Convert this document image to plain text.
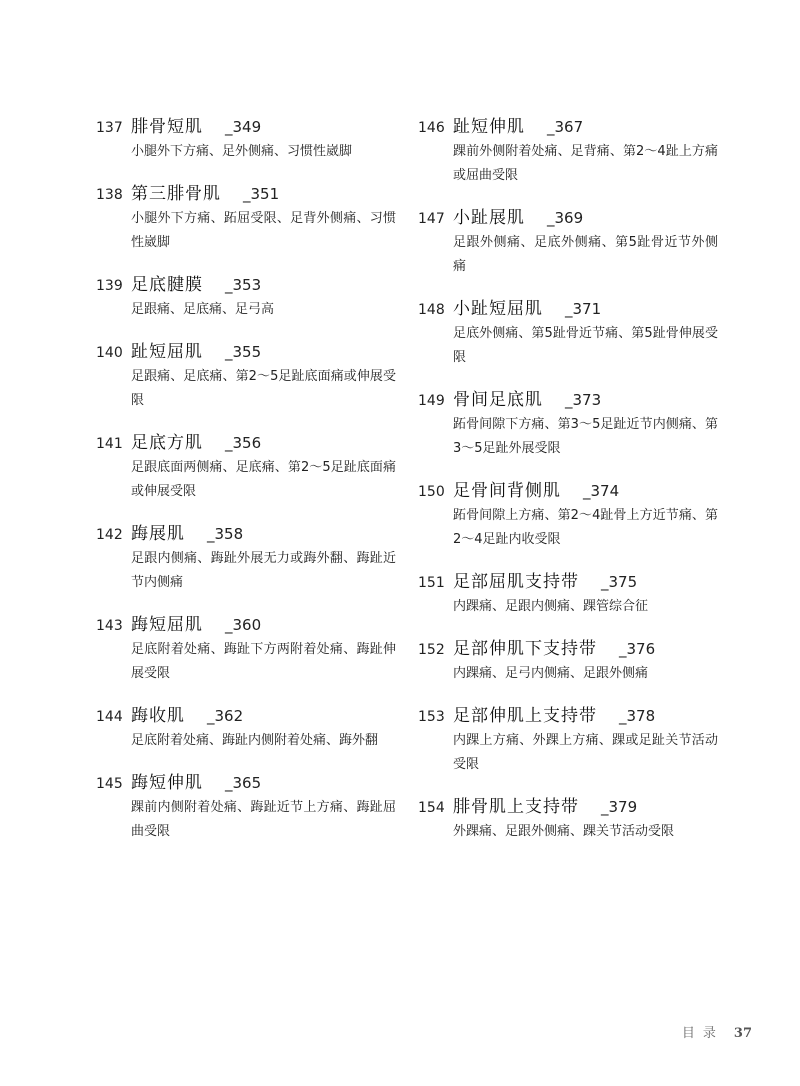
137 腓骨短肌 _349
小腿外下方痛、足外侧痛、习惯性崴脚
138 第三腓骨肌 _351
小腿外下方痛、跖屈受限、足背外侧痛、习惯性崴脚
139 足底腱膜 _353
足跟痛、足底痛、足弓高
140 趾短屈肌 _355
足跟痛、足底痛、第2～5足趾底面痛或伸展受限
141 足底方肌 _356
足跟底面两侧痛、足底痛、第2～5足趾底面痛或伸展受限
142 踇展肌 _358
足跟内侧痛、踇趾外展无力或踇外翻、踇趾近节内侧痛
143 踇短屈肌 _360
足底附着处痛、踇趾下方两附着处痛、踇趾伸展受限
144 踇收肌 _362
足底附着处痛、踇趾内侧附着处痛、踇外翻
145 踇短伸肌 _365
踝前内侧附着处痛、踇趾近节上方痛、踇趾屈曲受限
146 趾短伸肌 _367
踝前外侧附着处痛、足背痛、第2～4趾上方痛或屈曲受限
147 小趾展肌 _369
足跟外侧痛、足底外侧痛、第5趾骨近节外侧痛
148 小趾短屈肌 _371
足底外侧痛、第5趾骨近节痛、第5趾骨伸展受限
149 骨间足底肌 _373
跖骨间隙下方痛、第3～5足趾近节内侧痛、第3～5足趾外展受限
150 足骨间背侧肌 _374
跖骨间隙上方痛、第2～4趾骨上方近节痛、第2～4足趾内收受限
151 足部屈肌支持带 _375
内踝痛、足跟内侧痛、踝管综合征
152 足部伸肌下支持带 _376
内踝痛、足弓内侧痛、足跟外侧痛
153 足部伸肌上支持带 _378
内踝上方痛、外踝上方痛、踝或足趾关节活动受限
154 腓骨肌上支持带 _379
外踝痛、足跟外侧痛、踝关节活动受限
目录 37
